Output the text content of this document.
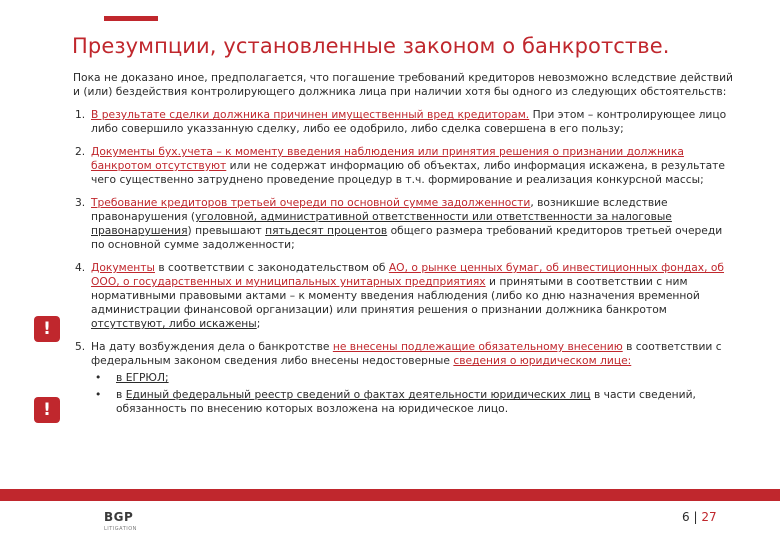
Презумпции, установленные законом о банкротстве.

Пока не доказано иное, предполагается, что погашение требований кредиторов невозможно вследствие действий и (или) бездействия контролирующего должника лица при наличии хотя бы одного из следующих обстоятельств:

1. В результате сделки должника причинен имущественный вред кредиторам. При этом – контролирующее лицо либо совершило указзанную сделку, либо ее одобрило, либо сделка совершена в его пользу;
2. Документы бух.учета – к моменту введения наблюдения или принятия решения о признании должника банкротом отсутствуют или не содержат информацию об объектах, либо информация искажена, в результате чего существенно затруднено проведение процедур в т.ч. формирование и реализация конкурсной массы;
3. Требование кредиторов третьей очереди по основной сумме задолженности, возникшие вследствие правонарушения (уголовной, административной ответственности или ответственности за налоговые правонарушения) превышают пятьдесят процентов общего размера требований кредиторов третьей очереди по основной сумме задолженности;
4. Документы в соответствии с законодательством об АО, о рынке ценных бумаг, об инвестиционных фондах, об ООО, о государственных и муниципальных унитарных предприятиях и принятыми в соответствии с ним нормативными правовыми актами – к моменту введения наблюдения (либо ко дню назначения временной администрации финансовой организации) или принятия решения о признании должника банкротом отсутствуют, либо искажены;
5. На дату возбуждения дела о банкротстве не внесены подлежащие обязательному внесению в соответствии с федеральным законом сведения либо внесены недостоверные сведения о юридическом лице:
• в ЕГРЮЛ;
• в Единый федеральный реестр сведений о фактах деятельности юридических лиц в части сведений, обязанность по внесению которых возложена на юридическое лицо.
!
!
BGP
LITIGATION
6 | 27
